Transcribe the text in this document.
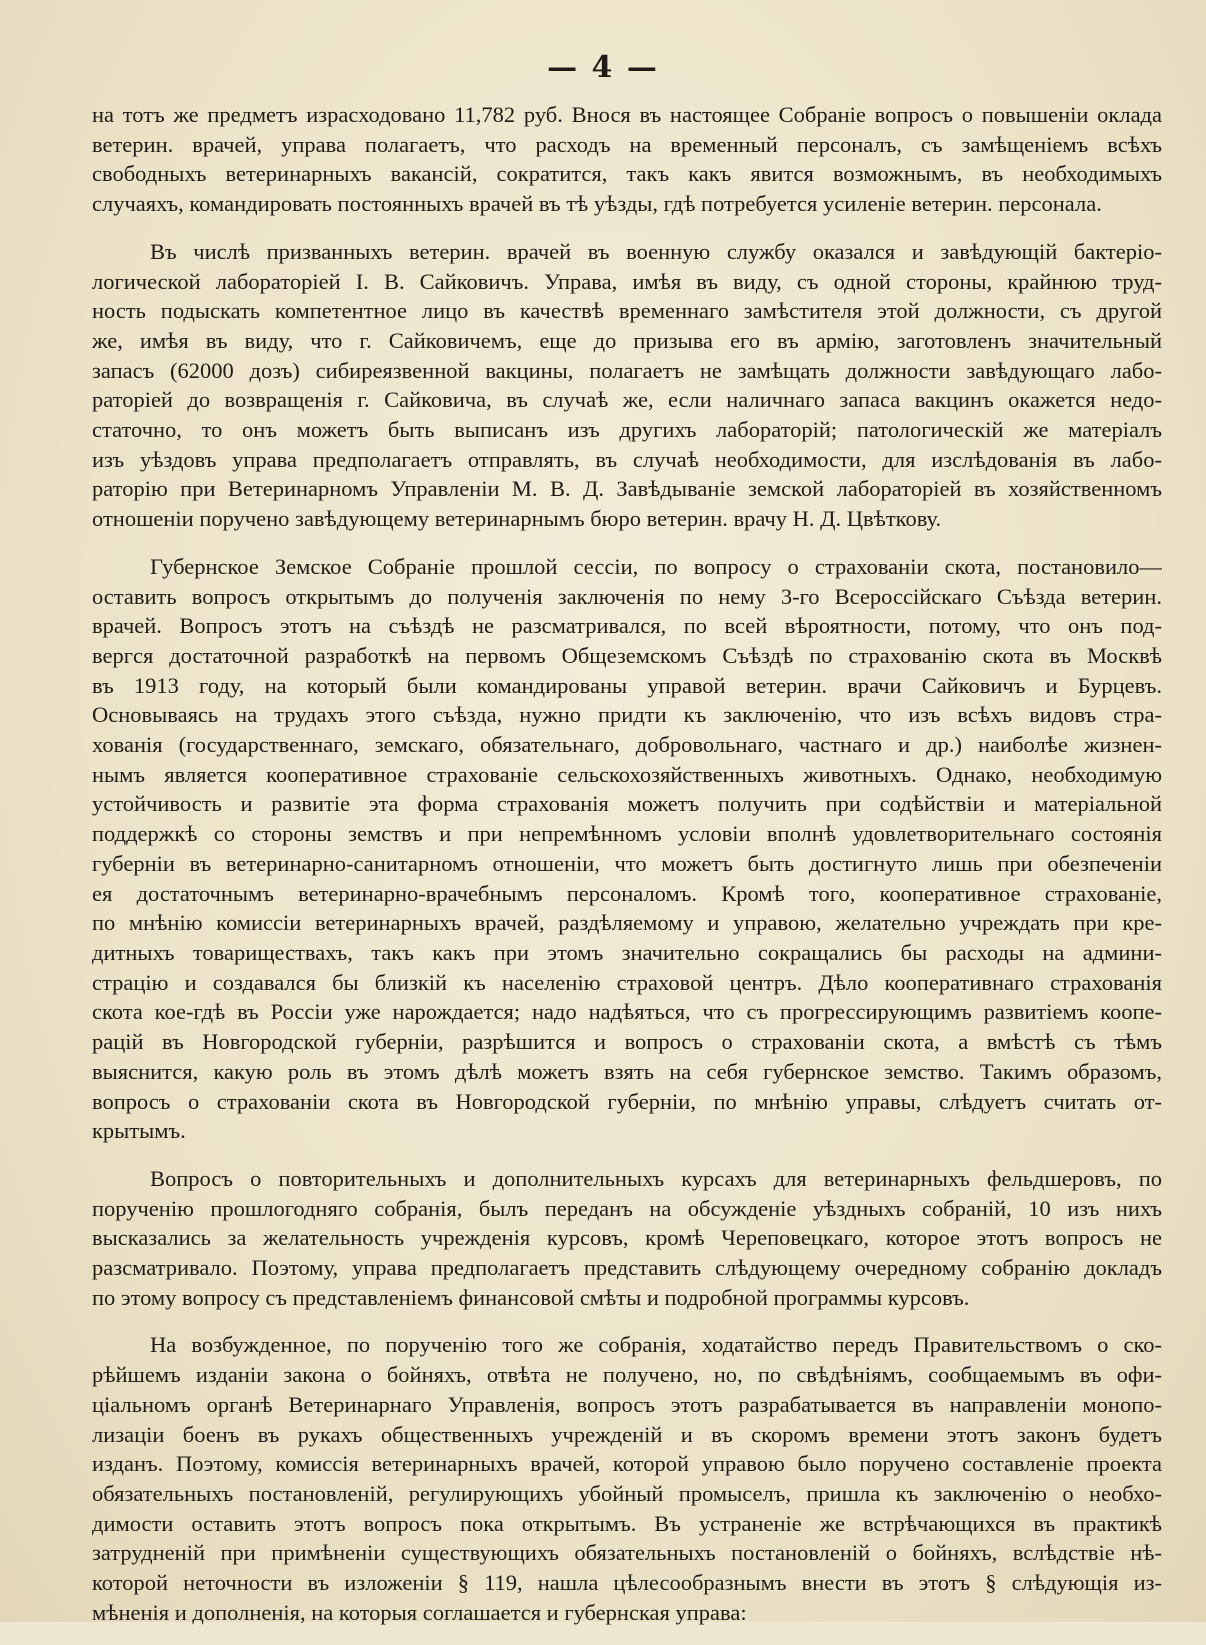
— 4 —
на тотъ же предметъ израсходовано 11,782 руб. Внося въ настоящее Собранiе вопросъ о повышенiи оклада
ветерин. врачей, управа полагаетъ, что расходъ на временный персоналъ, съ замѣщенiемъ всѣхъ
свободныхъ ветеринарныхъ вакансiй, сократится, такъ какъ явится возможнымъ, въ необходимыхъ
случаяхъ, командировать постоянныхъ врачей въ тѣ уѣзды, гдѣ потребуется усиленiе ветерин. персонала.
Въ числѣ призванныхъ ветерин. врачей въ военную службу оказался и завѣдующiй бактерiо-
логической лабораторiей I. В. Сайковичъ. Управа, имѣя въ виду, съ одной стороны, крайнюю труд-
ность подыскать компетентное лицо въ качествѣ временнаго замѣстителя этой должности, съ другой
же, имѣя въ виду, что г. Сайковичемъ, еще до призыва его въ армiю, заготовленъ значительный
запасъ (62000 дозъ) сибиреязвенной вакцины, полагаетъ не замѣщать должности завѣдующаго лабо-
раторiей до возвращенiя г. Сайковича, въ случаѣ же, если наличнаго запаса вакцинъ окажется недо-
статочно, то онъ можетъ быть выписанъ изъ другихъ лабораторiй; патологическiй же матерiалъ
изъ уѣздовъ управа предполагаетъ отправлять, въ случаѣ необходимости, для изслѣдованiя въ лабо-
раторiю при Ветеринарномъ Управленiи М. В. Д. Завѣдыванiе земской лабораторiей въ хозяйственномъ
отношенiи поручено завѣдующему ветеринарнымъ бюро ветерин. врачу Н. Д. Цвѣткову.
Губернское Земское Собранiе прошлой сессiи, по вопросу о страхованiи скота, постановило—
оставить вопросъ открытымъ до полученiя заключенiя по нему 3-го Всероссiйскаго Съѣзда ветерин.
врачей. Вопросъ этотъ на съѣздѣ не разсматривался, по всей вѣроятности, потому, что онъ под-
вергся достаточной разработкѣ на первомъ Общеземскомъ Съѣздѣ по страхованiю скота въ Москвѣ
въ 1913 году, на который были командированы управой ветерин. врачи Сайковичъ и Бурцевъ.
Основываясь на трудахъ этого съѣзда, нужно придти къ заключенiю, что изъ всѣхъ видовъ стра-
хованiя (государственнаго, земскаго, обязательнаго, добровольнаго, частнаго и др.) наиболѣе жизнен-
нымъ является кооперативное страхованiе сельскохозяйственныхъ животныхъ. Однако, необходимую
устойчивость и развитiе эта форма страхованiя можетъ получить при содѣйствiи и матерiальной
поддержкѣ со стороны земствъ и при непремѣнномъ условiи вполнѣ удовлетворительнаго состоянiя
губернiи въ ветеринарно-санитарномъ отношенiи, что можетъ быть достигнуто лишь при обезпеченiи
ея достаточнымъ ветеринарно-врачебнымъ персоналомъ. Кромѣ того, кооперативное страхованiе,
по мнѣнiю комиссiи ветеринарныхъ врачей, раздѣляемому и управою, желательно учреждать при кре-
дитныхъ товариществахъ, такъ какъ при этомъ значительно сокращались бы расходы на админи-
страцiю и создавался бы близкiй къ населенiю страховой центръ. Дѣло кооперативнаго страхованiя
скота кое-гдѣ въ Россiи уже нарождается; надо надѣяться, что съ прогрессирующимъ развитiемъ коопе-
рацiй въ Новгородской губернiи, разрѣшится и вопросъ о страхованiи скота, а вмѣстѣ съ тѣмъ
выяснится, какую роль въ этомъ дѣлѣ можетъ взять на себя губернское земство. Такимъ образомъ,
вопросъ о страхованiи скота въ Новгородской губернiи, по мнѣнiю управы, слѣдуетъ считать от-
крытымъ.
Вопросъ о повторительныхъ и дополнительныхъ курсахъ для ветеринарныхъ фельдшеровъ, по
порученiю прошлогодняго собранiя, былъ переданъ на обсужденiе уѣздныхъ собранiй, 10 изъ нихъ
высказались за желательность учрежденiя курсовъ, кромѣ Череповецкаго, которое этотъ вопросъ не
разсматривало. Поэтому, управа предполагаетъ представить слѣдующему очередному собранiю докладъ
по этому вопросу съ представленiемъ финансовой смѣты и подробной программы курсовъ.
На возбужденное, по порученiю того же собранiя, ходатайство передъ Правительствомъ о ско-
рѣйшемъ изданiи закона о бойняхъ, отвѣта не получено, но, по свѣдѣнiямъ, сообщаемымъ въ офи-
цiальномъ органѣ Ветеринарнаго Управленiя, вопросъ этотъ разрабатывается въ направленiи монопо-
лизацiи боенъ въ рукахъ общественныхъ учрежденiй и въ скоромъ времени этотъ законъ будетъ
изданъ. Поэтому, комиссiя ветеринарныхъ врачей, которой управою было поручено составленiе проекта
обязательныхъ постановленiй, регулирующихъ убойный промыселъ, пришла къ заключенiю о необхо-
димости оставить этотъ вопросъ пока открытымъ. Въ устраненiе же встрѣчающихся въ практикѣ
затрудненiй при примѣненiи существующихъ обязательныхъ постановленiй о бойняхъ, вслѣдствiе нѣ-
которой неточности въ изложенiи § 119, нашла цѣлесообразнымъ внести въ этотъ § слѣдующiя из-
мѣненiя и дополненiя, на которыя соглашается и губернская управа:
